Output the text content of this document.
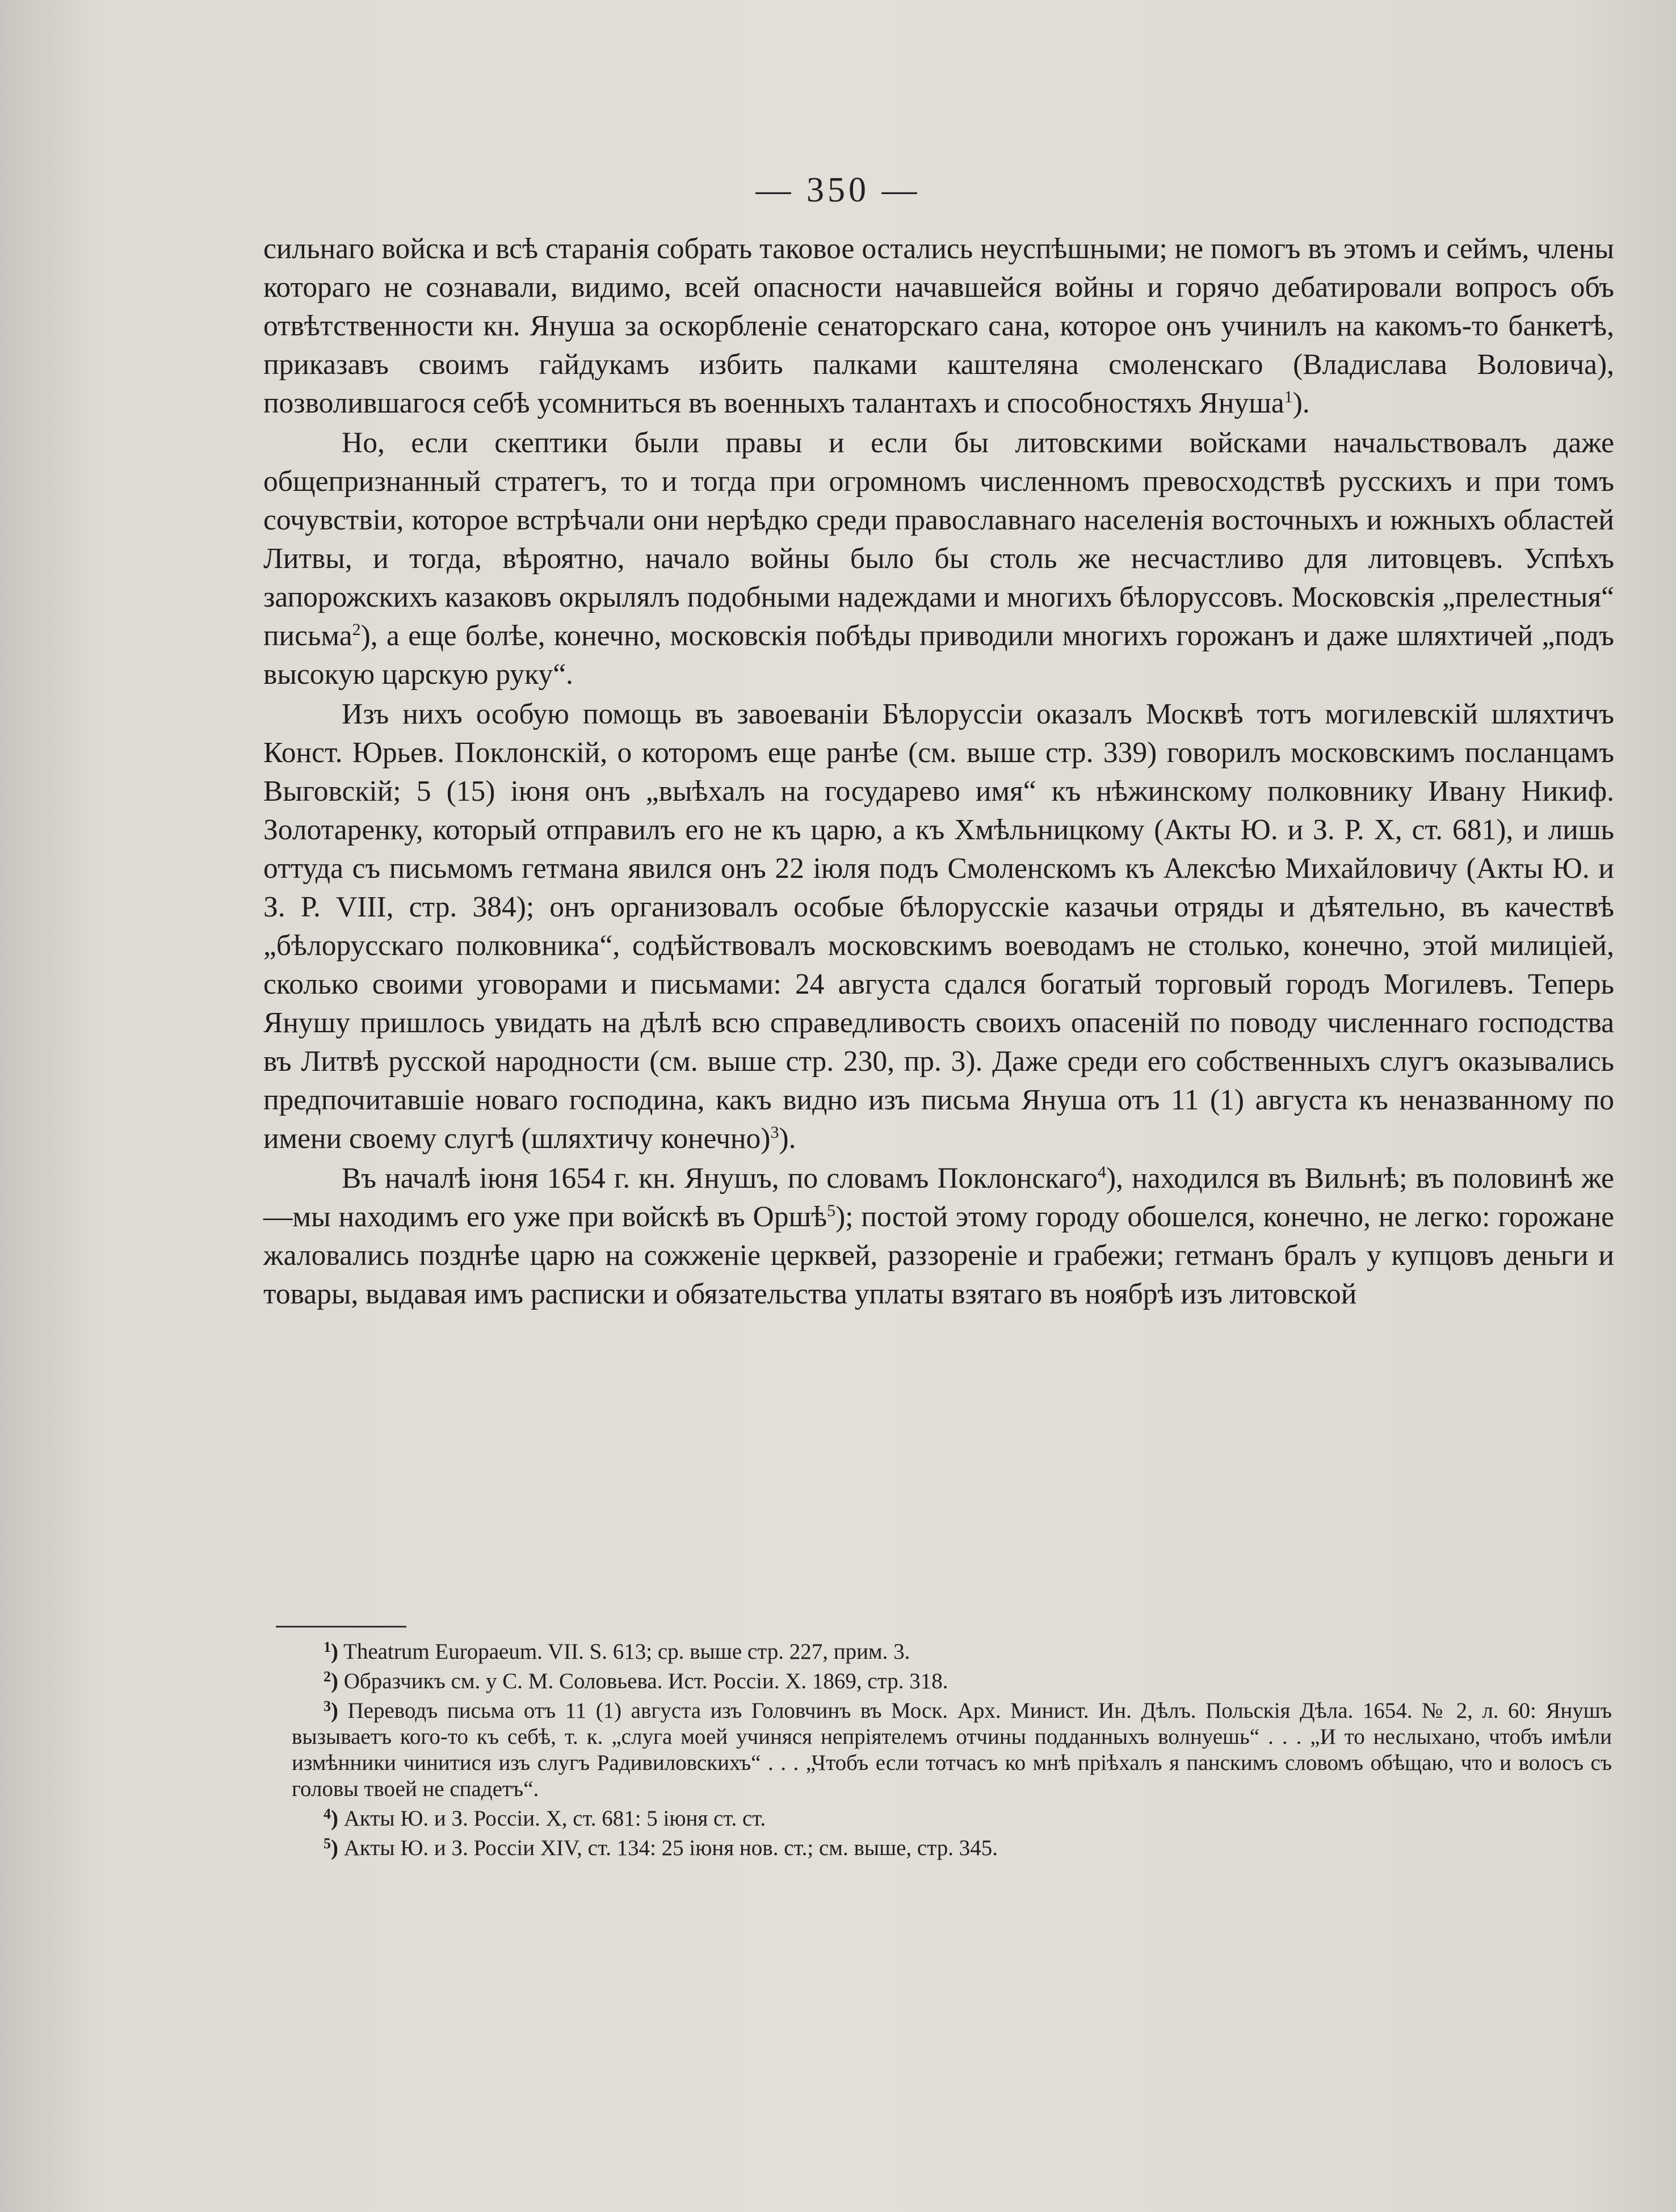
— 350 —

сильнаго войска и всѣ старанія собрать таковое остались неуспѣшными; не помогъ въ этомъ и сеймъ, члены котораго не сознавали, видимо, всей опасности начавшейся войны и горячо дебатировали вопросъ объ отвѣтственности кн. Януша за оскорбленіе сенаторскаго сана, которое онъ учинилъ на какомъ-то банкетѣ, приказавъ своимъ гайдукамъ избить палками каштеляна смоленскаго (Владислава Воловича), позволившагося себѣ усомниться въ военныхъ талантахъ и способностяхъ Януша$^1$).

Но, если скептики были правы и если бы литовскими войсками начальствовалъ даже общепризнанный стратегъ, то и тогда при огромномъ численномъ превосходствѣ русскихъ и при томъ сочувствіи, которое встрѣчали они нерѣдко среди православнаго населенія восточныхъ и южныхъ областей Литвы, и тогда, вѣроятно, начало войны было бы столь же несчастливо для литовцевъ. Успѣхъ запорожскихъ казаковъ окрылялъ подобными надеждами и многихъ бѣлоруссовъ. Московскія „прелестныя“ письма$^2$), а еще болѣе, конечно, московскія побѣды приводили многихъ горожанъ и даже шляхтичей „подъ высокую царскую руку“.

Изъ нихъ особую помощь въ завоеваніи Бѣлоруссіи оказалъ Москвѣ тотъ могилевскій шляхтичъ Конст. Юрьев. Поклонскій, о которомъ еще ранѣе (см. выше стр. 339) говорилъ московскимъ посланцамъ Выговскій; 5 (15) іюня онъ „выѣхалъ на государево имя“ къ нѣжинскому полковнику Ивану Никиф. Золотаренку, который отправилъ его не къ царю, а къ Хмѣльницкому (Акты Ю. и З. Р. Х, ст. 681), и лишь оттуда съ письмомъ гетмана явился онъ 22 іюля подъ Смоленскомъ къ Алексѣю Михайловичу (Акты Ю. и З. Р. VIII, стр. 384); онъ организовалъ особые бѣлорусскіе казачьи отряды и дѣятельно, въ качествѣ „бѣлорусскаго полковника“, содѣйствовалъ московскимъ воеводамъ не столько, конечно, этой милиціей, сколько своими уговорами и письмами: 24 августа сдался богатый торговый городъ Могилевъ. Теперь Янушу пришлось увидать на дѣлѣ всю справедливость своихъ опасеній по поводу численнаго господства въ Литвѣ русской народности (см. выше стр. 230, пр. 3). Даже среди его собственныхъ слугъ оказывались предпочитавшіе новаго господина, какъ видно изъ письма Януша отъ 11 (1) августа къ неназванному по имени своему слугѣ (шляхтичу конечно)$^3$).

Въ началѣ іюня 1654 г. кн. Янушъ, по словамъ Поклонскаго$^4$), находился въ Вильнѣ; въ половинѣ же—мы находимъ его уже при войскѣ въ Оршѣ$^5$); постой этому городу обошелся, конечно, не легко: горожане жаловались позднѣе царю на сожженіе церквей, раззореніе и грабежи; гетманъ бралъ у купцовъ деньги и товары, выдавая имъ расписки и обязательства уплаты взятаго въ ноябрѣ изъ литовской

$^1$) Theatrum Europaeum. VII. S. 613; ср. выше стр. 227, прим. 3.

$^2$) Образчикъ см. у С. М. Соловьева. Ист. Россіи. Х. 1869, стр. 318.

$^3$) Переводъ письма отъ 11 (1) августа изъ Головчинъ въ Моск. Арх. Минист. Ин. Дѣлъ. Польскія Дѣла. 1654. № 2, л. 60: Янушъ вызываетъ кого-то къ себѣ, т. к. „слуга моей учиняся непріятелемъ отчины подданныхъ волнуешь“ . . . „И то неслыхано, чтобъ имѣли измѣнники чинитися изъ слугъ Радивиловскихъ“ . . . „Чтобъ если тотчасъ ко мнѣ пріѣхалъ я панскимъ словомъ обѣщаю, что и волосъ съ головы твоей не спадетъ“.

$^4$) Акты Ю. и З. Россіи. Х, ст. 681: 5 іюня ст. ст.

$^5$) Акты Ю. и З. Россіи XIV, ст. 134: 25 іюня нов. ст.; см. выше, стр. 345.
